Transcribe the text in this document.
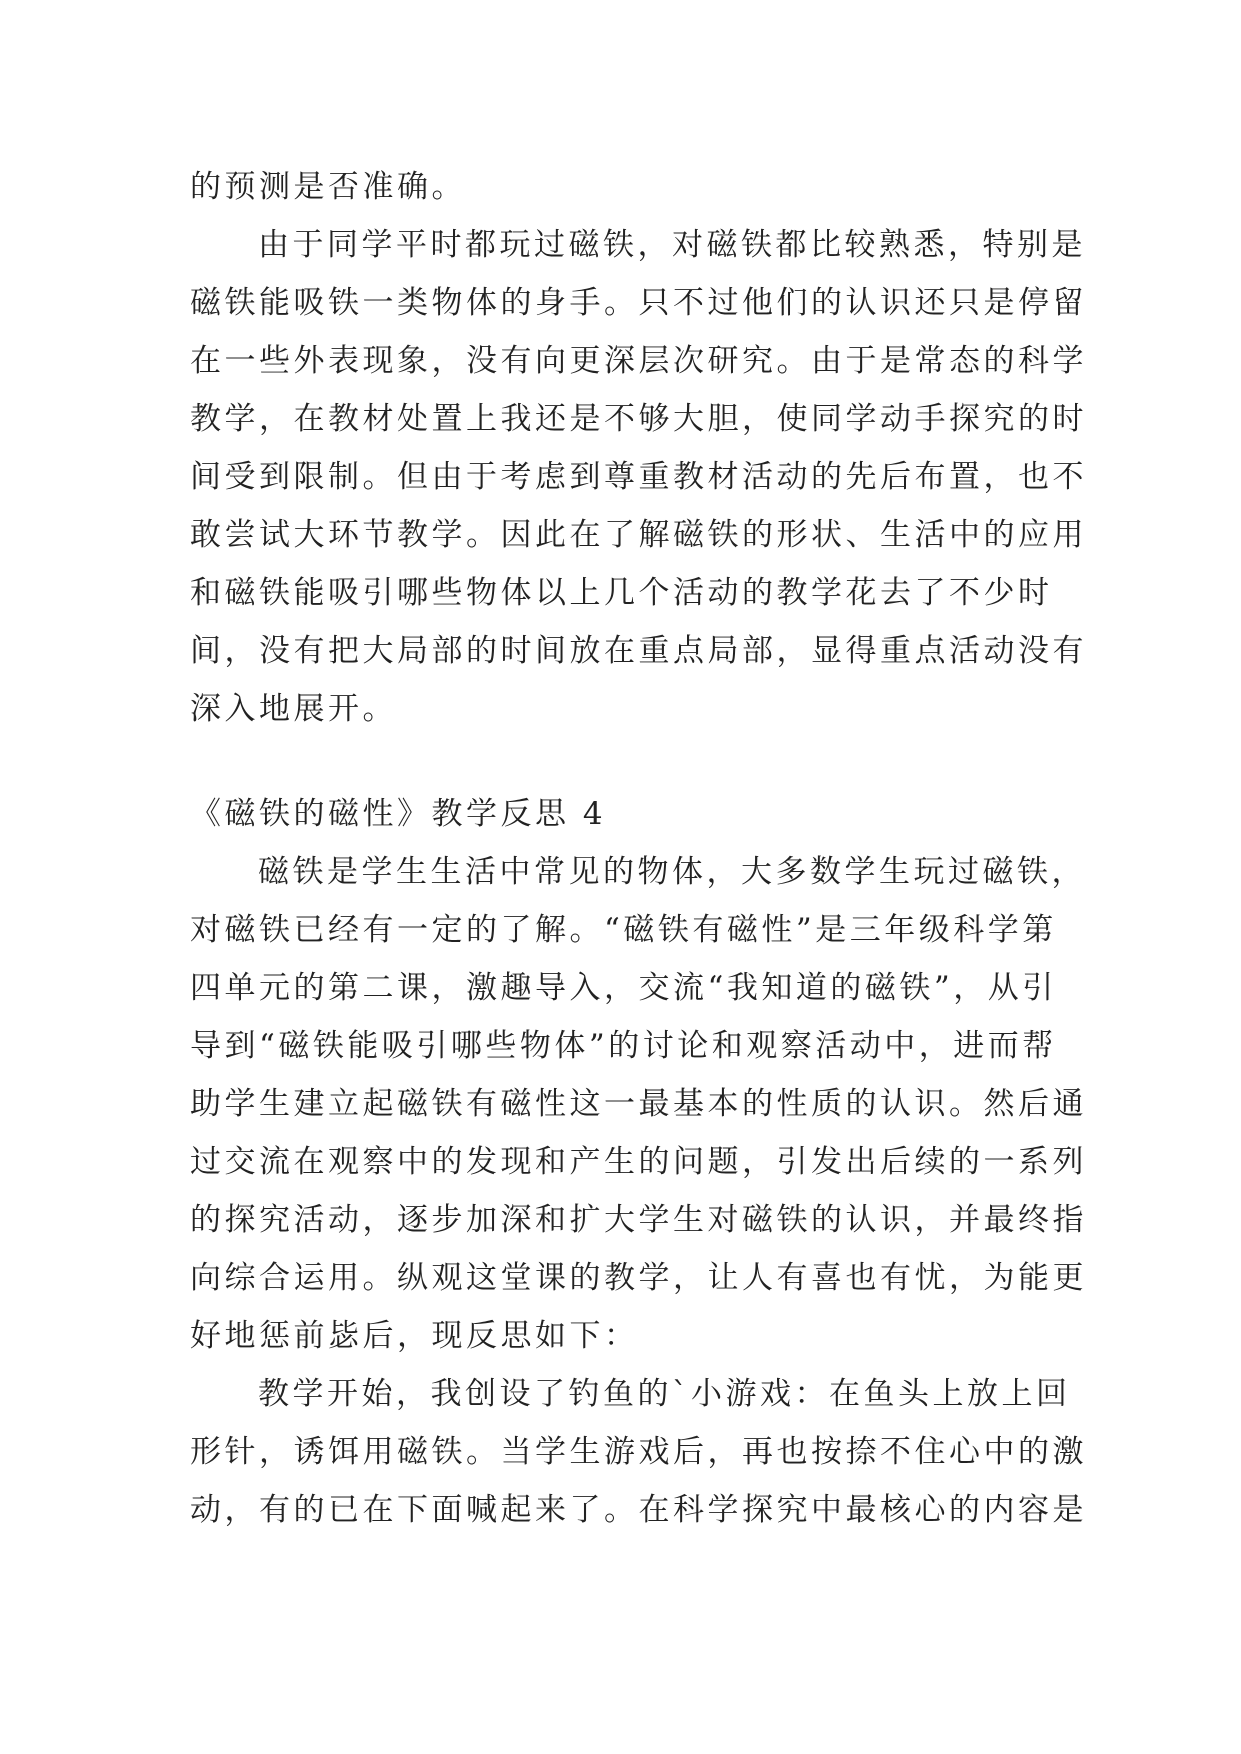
的预测是否准确。
由于同学平时都玩过磁铁，对磁铁都比较熟悉，特别是
磁铁能吸铁一类物体的身手。只不过他们的认识还只是停留
在一些外表现象，没有向更深层次研究。由于是常态的科学
教学，在教材处置上我还是不够大胆，使同学动手探究的时
间受到限制。但由于考虑到尊重教材活动的先后布置，也不
敢尝试大环节教学。因此在了解磁铁的形状、生活中的应用
和磁铁能吸引哪些物体以上几个活动的教学花去了不少时
间，没有把大局部的时间放在重点局部，显得重点活动没有
深入地展开。
《磁铁的磁性》教学反思 4
磁铁是学生生活中常见的物体，大多数学生玩过磁铁，
对磁铁已经有一定的了解。“磁铁有磁性”是三年级科学第
四单元的第二课，激趣导入，交流“我知道的磁铁”，从引
导到“磁铁能吸引哪些物体”的讨论和观察活动中，进而帮
助学生建立起磁铁有磁性这一最基本的性质的认识。然后通
过交流在观察中的发现和产生的问题，引发出后续的一系列
的探究活动，逐步加深和扩大学生对磁铁的认识，并最终指
向综合运用。纵观这堂课的教学，让人有喜也有忧，为能更
好地惩前毖后，现反思如下：
教学开始，我创设了钓鱼的`小游戏：在鱼头上放上回
形针，诱饵用磁铁。当学生游戏后，再也按捺不住心中的激
动，有的已在下面喊起来了。在科学探究中最核心的内容是
